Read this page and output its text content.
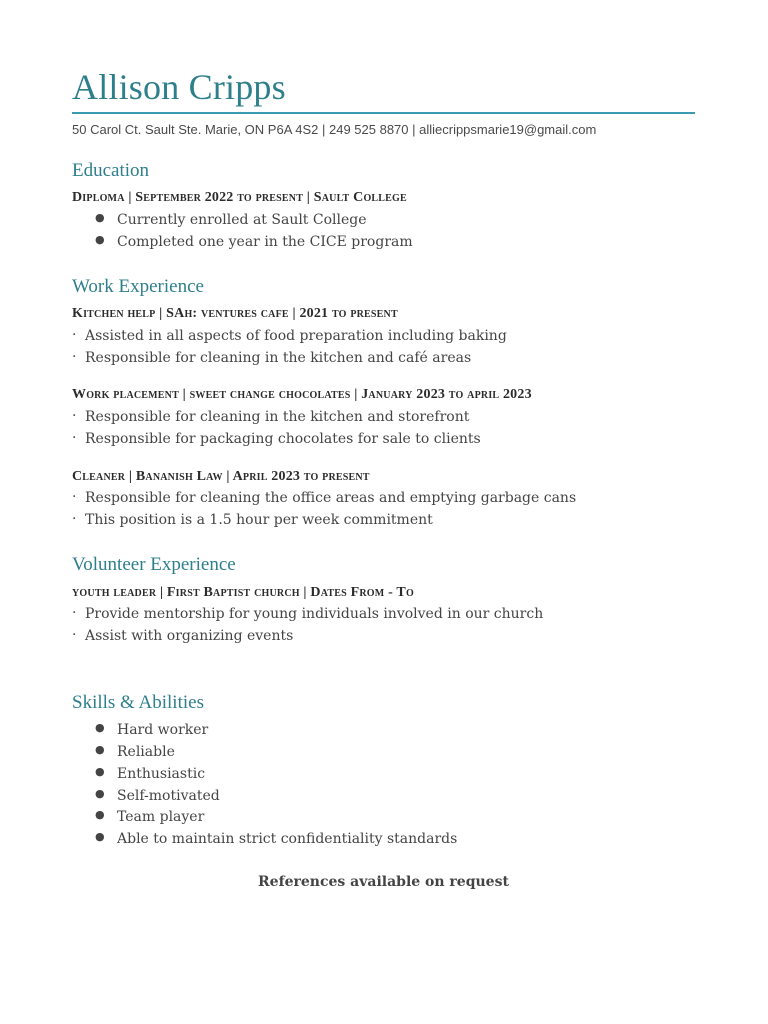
Allison Cripps
50 Carol Ct. Sault Ste. Marie, ON P6A 4S2 | 249 525 8870 | alliecrippsmarie19@gmail.com
Education
Diploma | September 2022 to present | Sault College
● Currently enrolled at Sault College
● Completed one year in the CICE program
Work Experience
Kitchen help | SAh: ventures cafe | 2021 to present
· Assisted in all aspects of food preparation including baking
· Responsible for cleaning in the kitchen and café areas
Work placement | sweet change chocolates | January 2023 to april 2023
· Responsible for cleaning in the kitchen and storefront
· Responsible for packaging chocolates for sale to clients
Cleaner | Bananish Law | April 2023 to present
· Responsible for cleaning the office areas and emptying garbage cans
· This position is a 1.5 hour per week commitment
Volunteer Experience
youth leader | First Baptist church | Dates From - To
· Provide mentorship for young individuals involved in our church
· Assist with organizing events
Skills & Abilities
● Hard worker
● Reliable
● Enthusiastic
● Self-motivated
● Team player
● Able to maintain strict confidentiality standards
References available on request
